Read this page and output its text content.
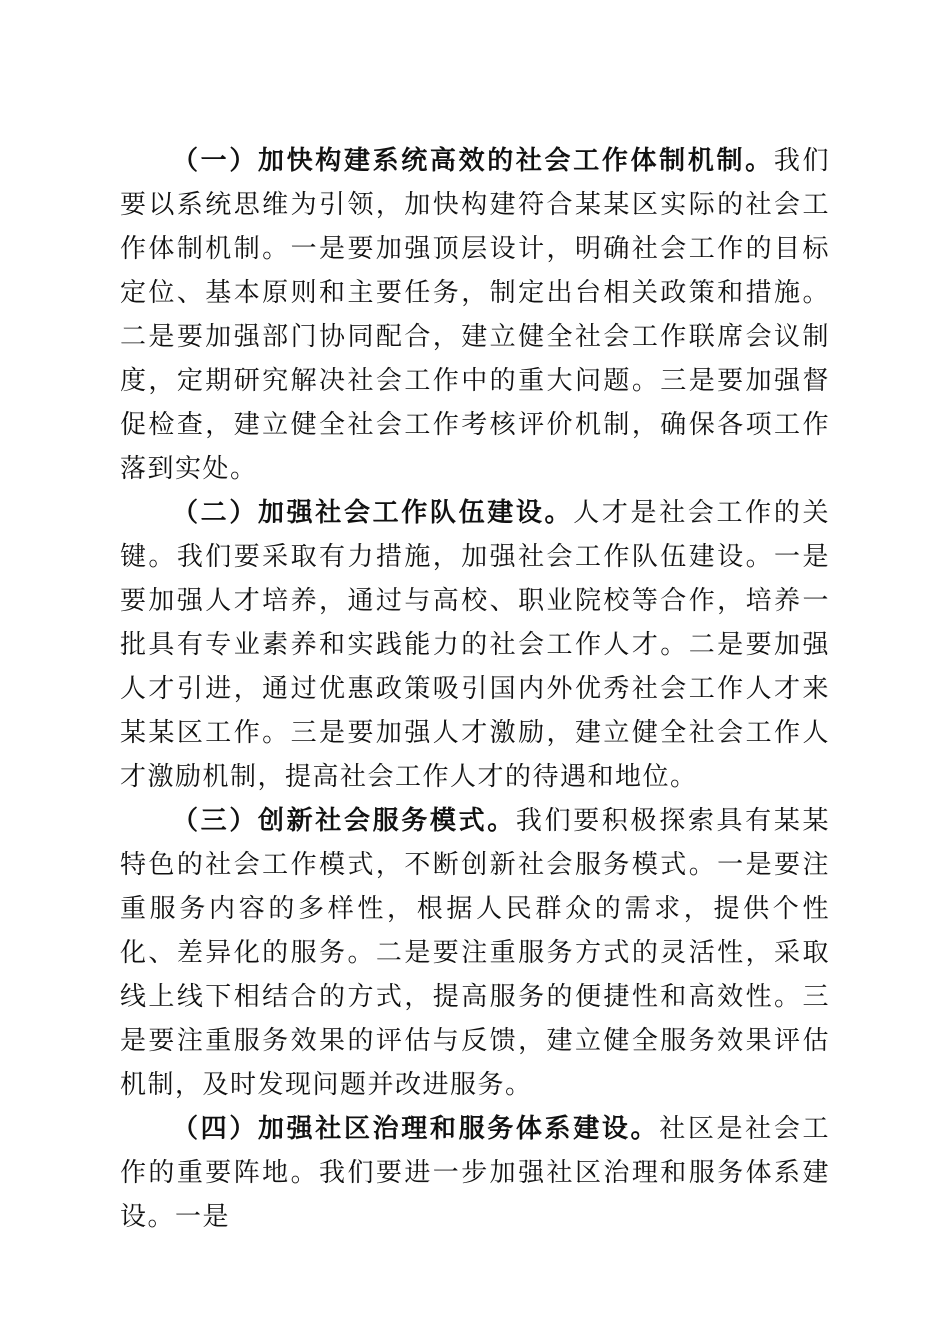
（一）加快构建系统高效的社会工作体制机制。我们要以系统思维为引领，加快构建符合某某区实际的社会工作体制机制。一是要加强顶层设计，明确社会工作的目标定位、基本原则和主要任务，制定出台相关政策和措施。二是要加强部门协同配合，建立健全社会工作联席会议制度，定期研究解决社会工作中的重大问题。三是要加强督促检查，建立健全社会工作考核评价机制，确保各项工作落到实处。

（二）加强社会工作队伍建设。人才是社会工作的关键。我们要采取有力措施，加强社会工作队伍建设。一是要加强人才培养，通过与高校、职业院校等合作，培养一批具有专业素养和实践能力的社会工作人才。二是要加强人才引进，通过优惠政策吸引国内外优秀社会工作人才来某某区工作。三是要加强人才激励，建立健全社会工作人才激励机制，提高社会工作人才的待遇和地位。

（三）创新社会服务模式。我们要积极探索具有某某特色的社会工作模式，不断创新社会服务模式。一是要注重服务内容的多样性，根据人民群众的需求，提供个性化、差异化的服务。二是要注重服务方式的灵活性，采取线上线下相结合的方式，提高服务的便捷性和高效性。三是要注重服务效果的评估与反馈，建立健全服务效果评估机制，及时发现问题并改进服务。

（四）加强社区治理和服务体系建设。社区是社会工作的重要阵地。我们要进一步加强社区治理和服务体系建设。一是
